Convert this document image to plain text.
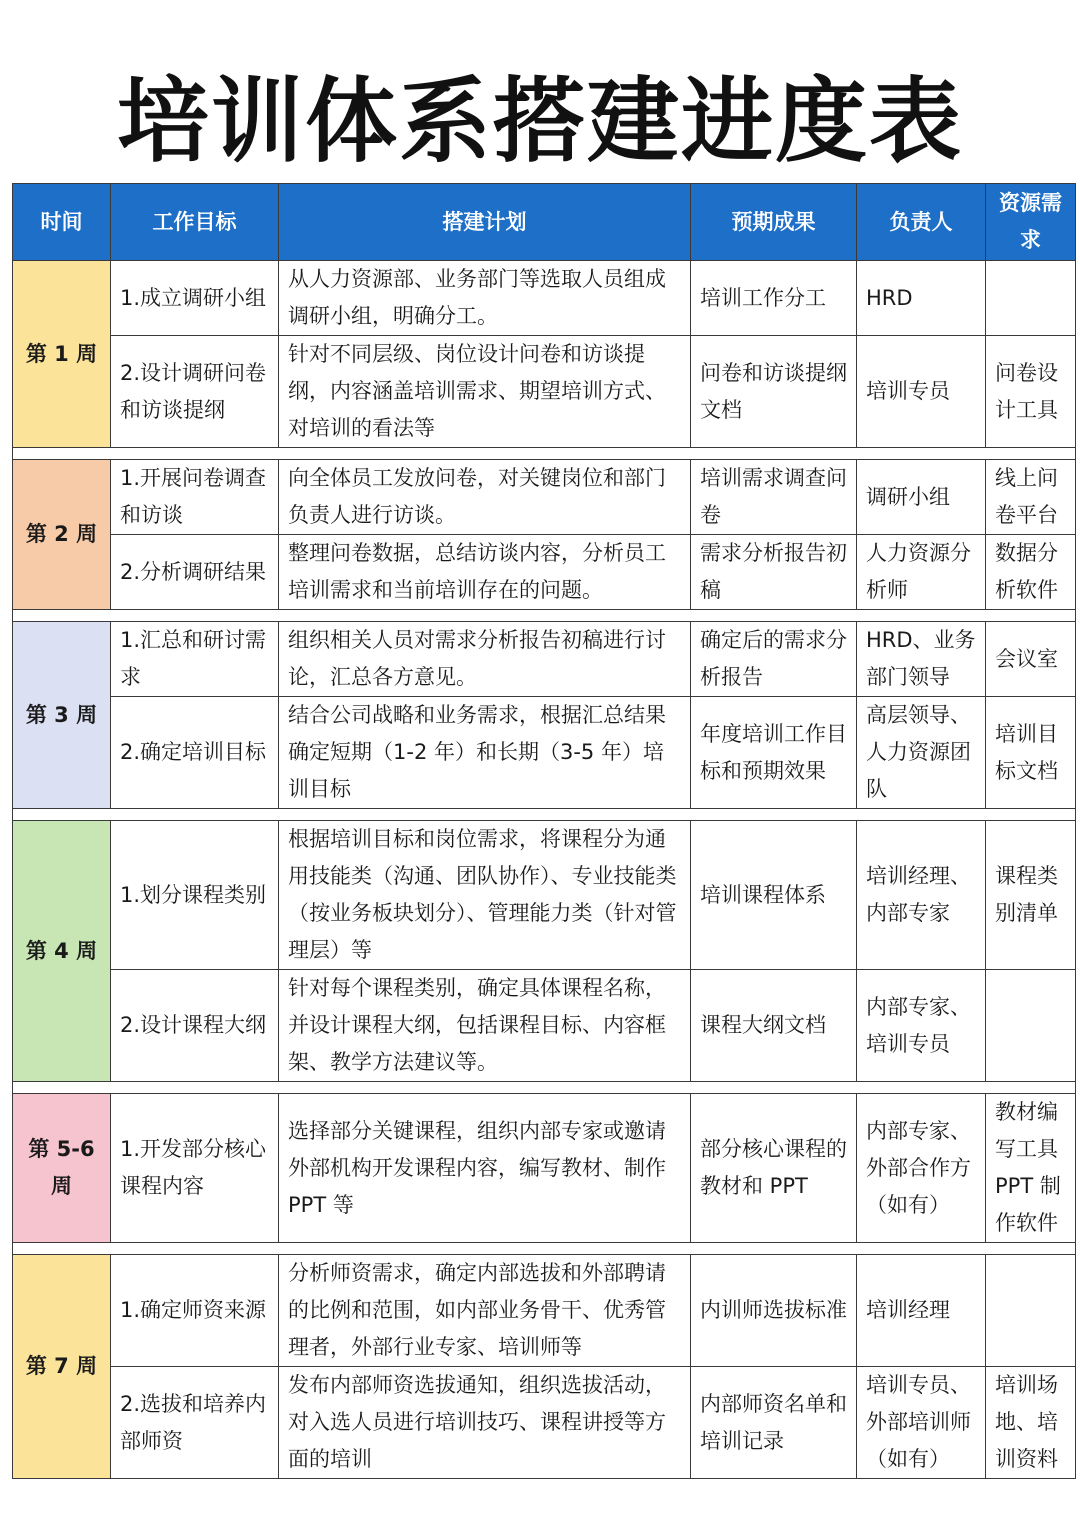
培训体系搭建进度表
时间	工作目标	搭建计划	预期成果	负责人	资源需求
第 1 周	1.成立调研小组	从人力资源部、业务部门等选取人员组成调研小组，明确分工。	培训工作分工	HRD	
	2.设计调研问卷和访谈提纲	针对不同层级、岗位设计问卷和访谈提纲，内容涵盖培训需求、期望培训方式、对培训的看法等	问卷和访谈提纲文档	培训专员	问卷设计工具

第 2 周	1.开展问卷调查和访谈	向全体员工发放问卷，对关键岗位和部门负责人进行访谈。	培训需求调查问卷	调研小组	线上问卷平台
	2.分析调研结果	整理问卷数据，总结访谈内容，分析员工培训需求和当前培训存在的问题。	需求分析报告初稿	人力资源分析师	数据分析软件

第 3 周	1.汇总和研讨需求	组织相关人员对需求分析报告初稿进行讨论，汇总各方意见。	确定后的需求分析报告	HRD、业务部门领导	会议室
	2.确定培训目标	结合公司战略和业务需求，根据汇总结果确定短期（1-2 年）和长期（3-5 年）培训目标	年度培训工作目标和预期效果	高层领导、人力资源团队	培训目标文档

第 4 周	1.划分课程类别	根据培训目标和岗位需求，将课程分为通用技能类（沟通、团队协作）、专业技能类（按业务板块划分）、管理能力类（针对管理层）等	培训课程体系	培训经理、内部专家	课程类别清单
	2.设计课程大纲	针对每个课程类别，确定具体课程名称，并设计课程大纲，包括课程目标、内容框架、教学方法建议等。	课程大纲文档	内部专家、培训专员	

第 5-6 周	1.开发部分核心课程内容	选择部分关键课程，组织内部专家或邀请外部机构开发课程内容，编写教材、制作 PPT 等	部分核心课程的教材和 PPT	内部专家、外部合作方（如有）	教材编写工具 PPT 制作软件

第 7 周	1.确定师资来源	分析师资需求，确定内部选拔和外部聘请的比例和范围，如内部业务骨干、优秀管理者，外部行业专家、培训师等	内训师选拔标准	培训经理	
	2.选拔和培养内部师资	发布内部师资选拔通知，组织选拔活动，对入选人员进行培训技巧、课程讲授等方面的培训	内部师资名单和培训记录	培训专员、外部培训师（如有）	培训场地、培训资料
